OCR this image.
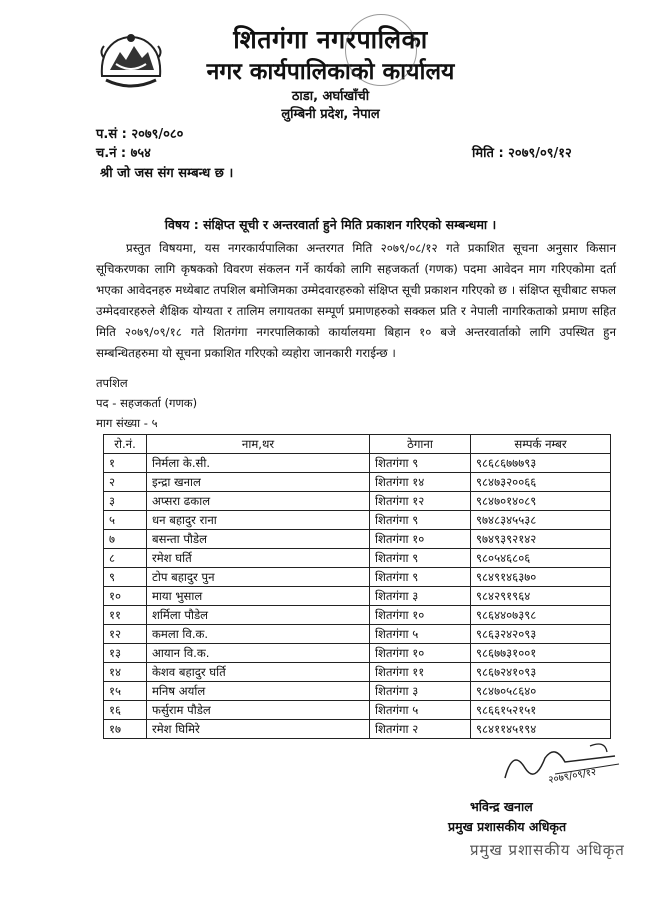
शितगंगा नगरपालिका
नगर कार्यपालिकाको कार्यालय
ठाडा, अर्घाखाँची
लुम्बिनी प्रदेश, नेपाल
प.सं : २०७९/०८०
च.नं : ७५४	मिति : २०७९/०९/१२
श्री जो जस संग सम्बन्ध छ ।
विषय : संक्षिप्त सूची र अन्तरवार्ता हुने मिति प्रकाशन गरिएको सम्बन्धमा ।
प्रस्तुत विषयमा, यस नगरकार्यपालिका अन्तरगत मिति २०७९/०८/१२ गते प्रकाशित सूचना अनुसार किसान सूचिकरणका लागि कृषकको विवरण संकलन गर्ने कार्यको लागि सहजकर्ता (गणक) पदमा आवेदन माग गरिएकोमा दर्ता भएका आवेदनहरु मध्येबाट तपशिल बमोजिमका उम्मेदवारहरुको संक्षिप्त सूची प्रकाशन गरिएको छ । संक्षिप्त सूचीबाट सफल उम्मेदवारहरुले शैक्षिक योग्यता र तालिम लगायतका सम्पूर्ण प्रमाणहरुको सक्कल प्रति र नेपाली नागरिकताको प्रमाण सहित मिति २०७९/०९/१८ गते शितगंगा नगरपालिकाको कार्यालयमा बिहान १० बजे अन्तरवार्ताको लागि उपस्थित हुन सम्बन्धितहरुमा यो सूचना प्रकाशित गरिएको व्यहोरा जानकारी गराईन्छ ।
तपशिल
पद - सहजकर्ता (गणक)
माग संख्या - ५
रो.नं.	नाम,थर	ठेगाना	सम्पर्क नम्बर
१	निर्मला के.सी.	शितगंगा ९	९८६८६७७७९३
२	इन्द्रा खनाल	शितगंगा १४	९८४७३२००६६
३	अप्सरा ढकाल	शितगंगा १२	९८४७०१४०८९
५	धन बहादुर राना	शितगंगा ९	९७४८३४५५३८
७	बसन्ता पौडेल	शितगंगा १०	९७४९३९२१४२
८	रमेश घर्ति	शितगंगा ९	९८०५४६८०६
९	टोप बहादुर पुन	शितगंगा ९	९८४९१४६३७०
१०	माया भुसाल	शितगंगा ३	९८४२९१९६४
११	शर्मिला पौडेल	शितगंगा १०	९८६४४०७३९८
१२	कमला वि.क.	शितगंगा ५	९८६३२४२०९३
१३	आयान वि.क.	शितगंगा १०	९८६७७३१००१
१४	केशव बहादुर घर्ति	शितगंगा ११	९८६७२४१०९३
१५	मनिष अर्याल	शितगंगा ३	९८४७०५८६४०
१६	फर्सुराम पौडेल	शितगंगा ५	९८६६१५२१५१
१७	रमेश घिमिरे	शितगंगा २	९८४११४५१९४
२०७९/०९/१२
भविन्द्र खनाल
प्रमुख प्रशासकीय अधिकृत
प्रमुख प्रशासकीय अधिकृत
